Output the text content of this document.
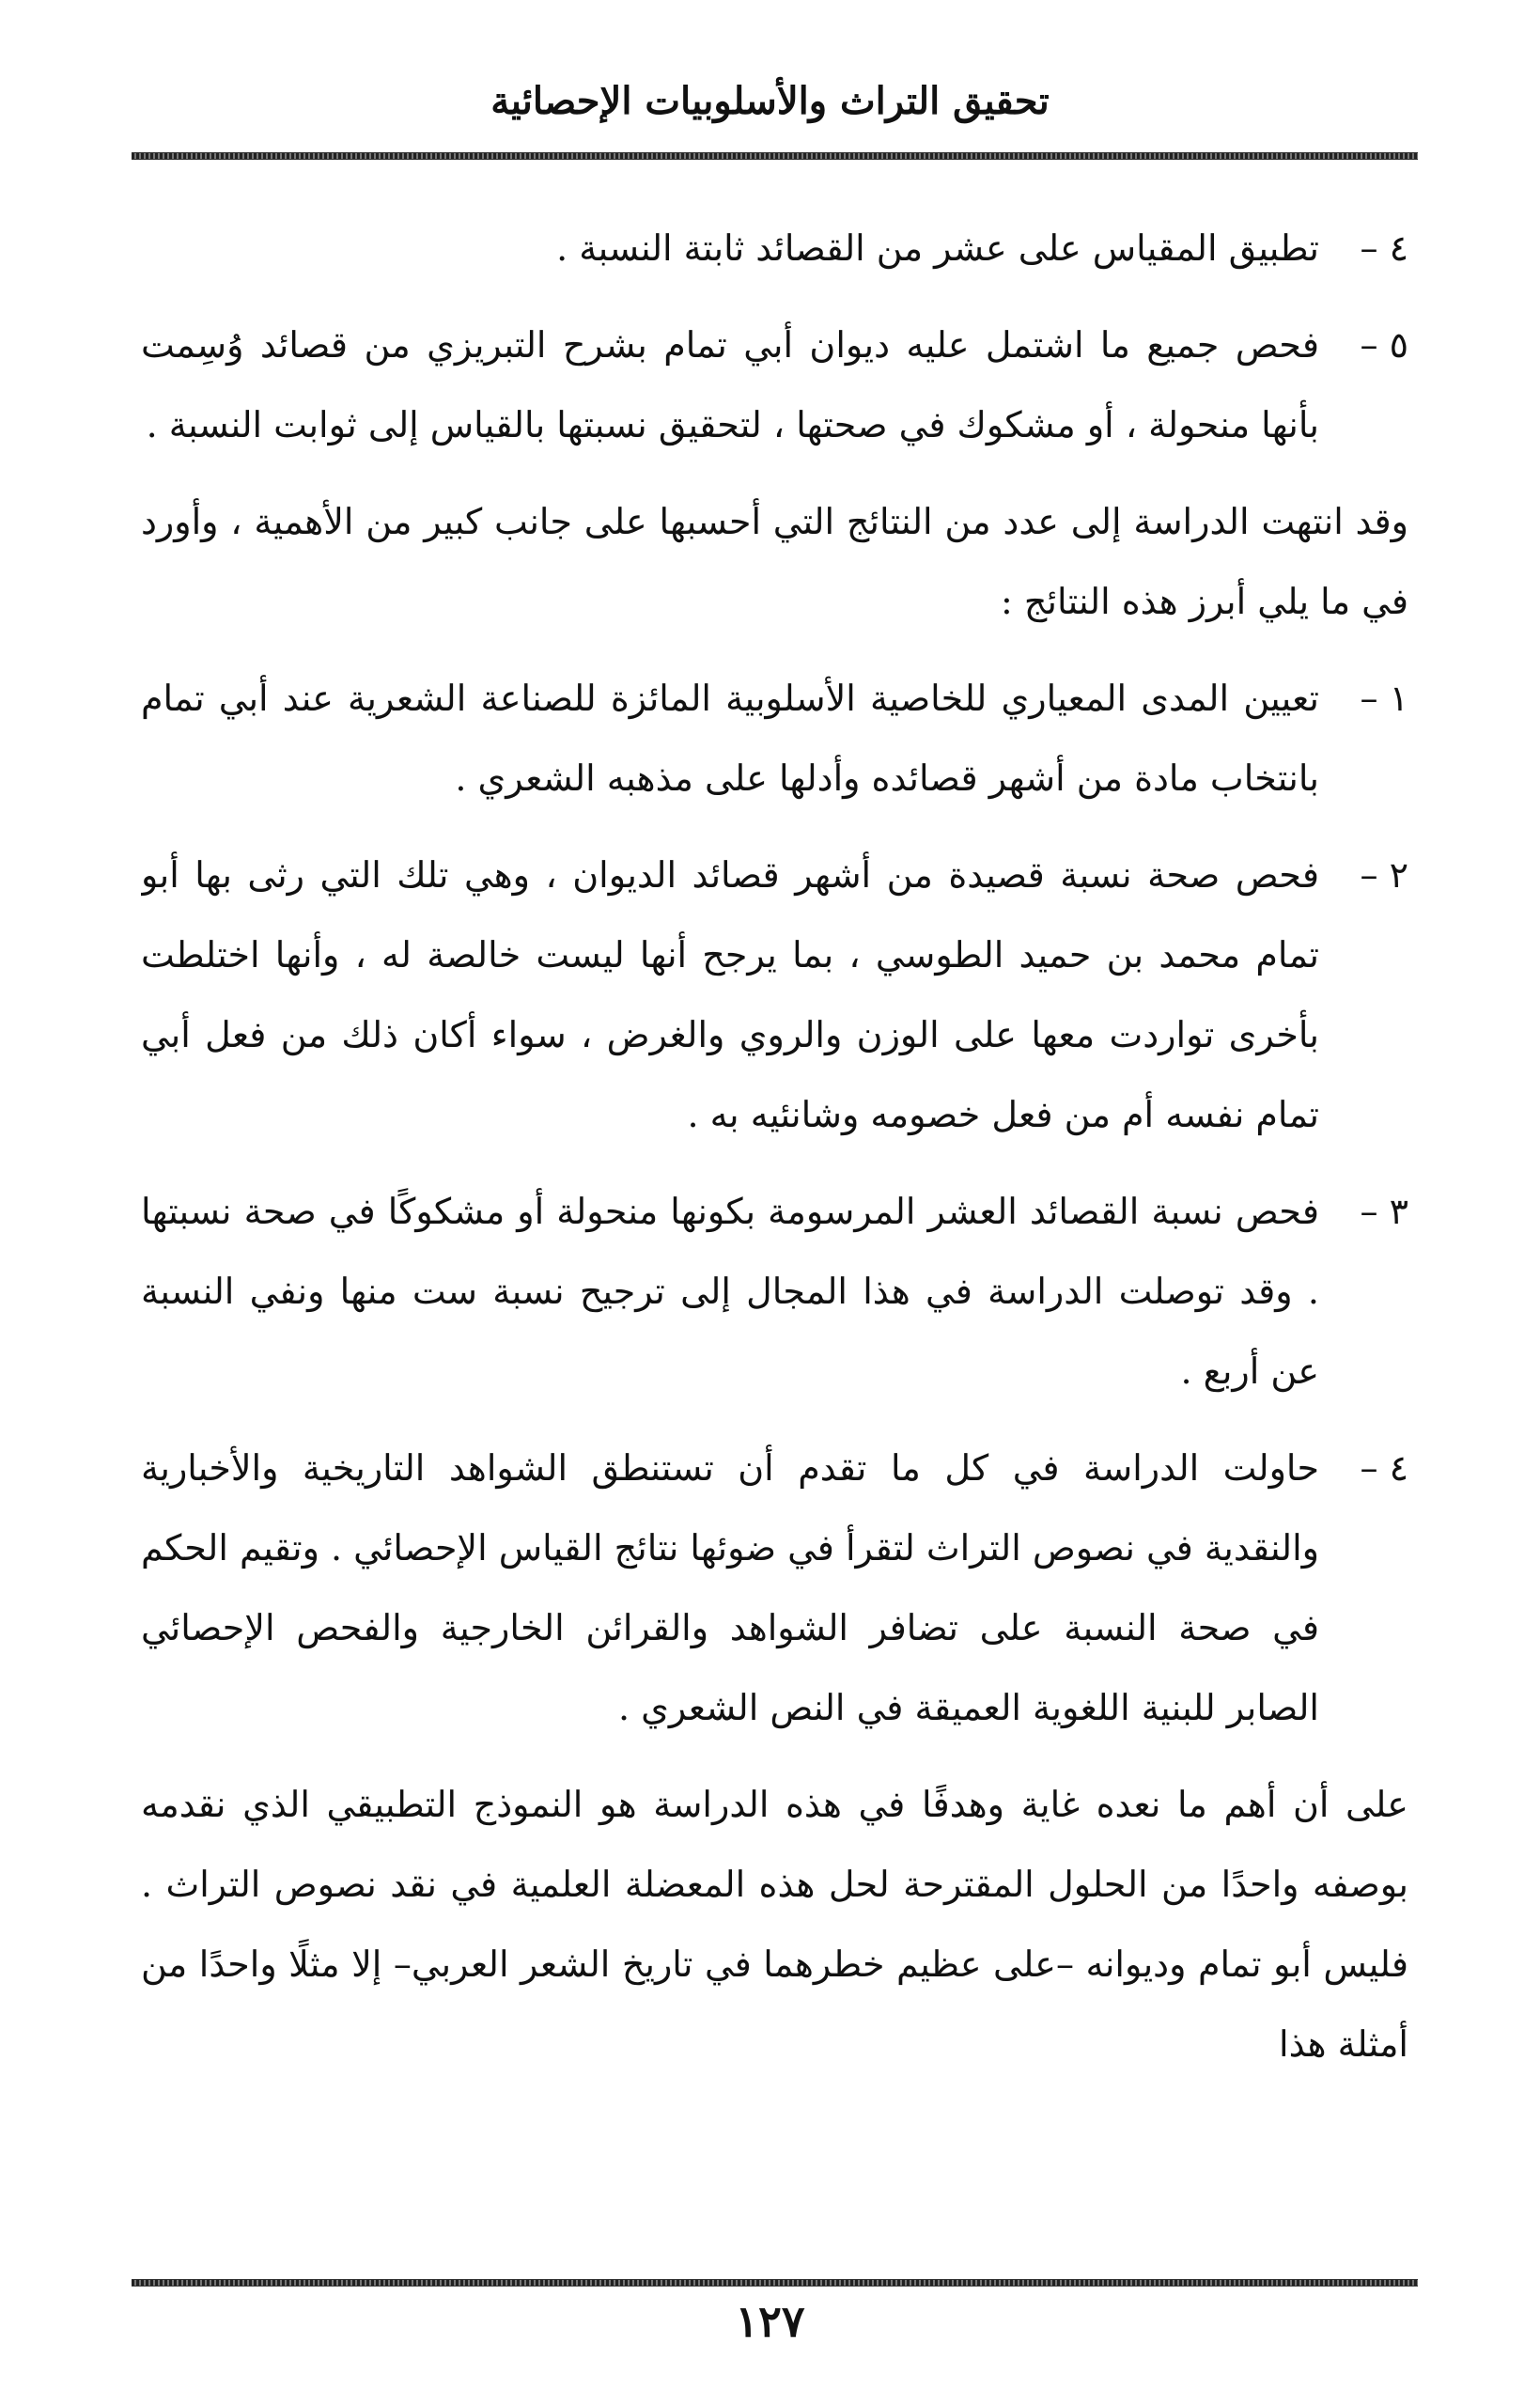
تحقيق التراث والأسلوبيات الإحصائية
٤ –
تطبيق المقياس على عشر من القصائد ثابتة النسبة .
٥ –
فحص جميع ما اشتمل عليه ديوان أبي تمام بشرح التبريزي من قصائد وُسِمت بأنها منحولة ، أو مشكوك في صحتها ، لتحقيق نسبتها بالقياس إلى ثوابت النسبة .

وقد انتهت الدراسة إلى عدد من النتائج التي أحسبها على جانب كبير من الأهمية ، وأورد في ما يلي أبرز هذه النتائج :

١ –
تعيين المدى المعياري للخاصية الأسلوبية المائزة للصناعة الشعرية عند أبي تمام بانتخاب مادة من أشهر قصائده وأدلها على مذهبه الشعري .
٢ –
فحص صحة نسبة قصيدة من أشهر قصائد الديوان ، وهي تلك التي رثى بها أبو تمام محمد بن حميد الطوسي ، بما يرجح أنها ليست خالصة له ، وأنها اختلطت بأخرى تواردت معها على الوزن والروي والغرض ، سواء أكان ذلك من فعل أبي تمام نفسه أم من فعل خصومه وشانئيه به .
٣ –
فحص نسبة القصائد العشر المرسومة بكونها منحولة أو مشكوكًا في صحة نسبتها . وقد توصلت الدراسة في هذا المجال إلى ترجيح نسبة ست منها ونفي النسبة عن أربع .
٤ –
حاولت الدراسة في كل ما تقدم أن تستنطق الشواهد التاريخية والأخبارية والنقدية في نصوص التراث لتقرأ في ضوئها نتائج القياس الإحصائي . وتقيم الحكم في صحة النسبة على تضافر الشواهد والقرائن الخارجية والفحص الإحصائي الصابر للبنية اللغوية العميقة في النص الشعري .

على أن أهم ما نعده غاية وهدفًا في هذه الدراسة هو النموذج التطبيقي الذي نقدمه بوصفه واحدًا من الحلول المقترحة لحل هذه المعضلة العلمية في نقد نصوص التراث . فليس أبو تمام وديوانه –على عظيم خطرهما في تاريخ الشعر العربي– إلا مثلًا واحدًا من أمثلة هذا

١٢٧
